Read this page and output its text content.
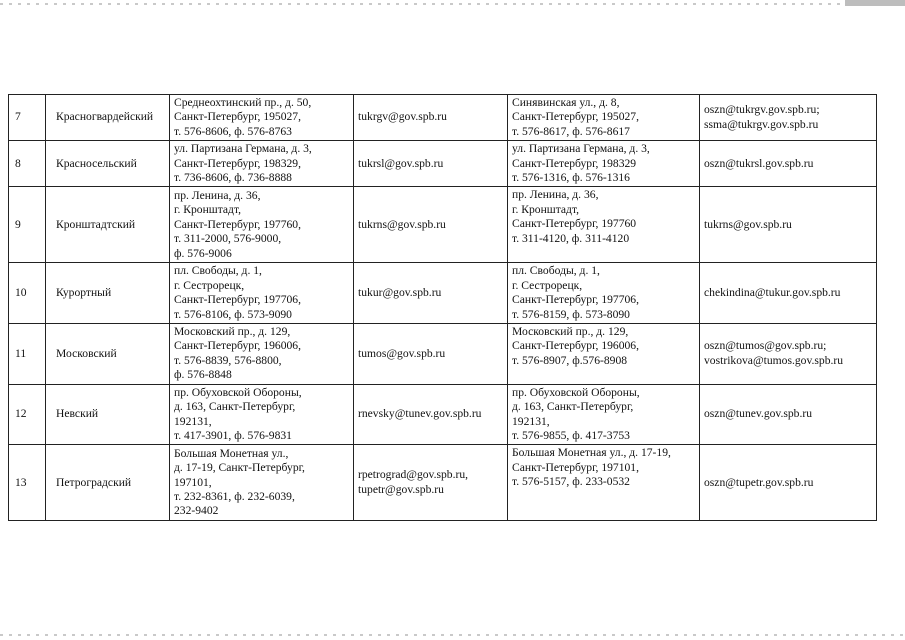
7	Красногвардейский	Среднеохтинский пр., д. 50,
Санкт-Петербург, 195027,
т. 576-8606, ф. 576-8763	tukrgv@gov.spb.ru	Синявинская ул., д. 8,
Санкт-Петербург, 195027,
т. 576-8617, ф. 576-8617	oszn@tukrgv.gov.spb.ru;
ssma@tukrgv.gov.spb.ru
8	Красносельский	ул. Партизана Германа, д. 3,
Санкт-Петербург, 198329,
т. 736-8606, ф. 736-8888	tukrsl@gov.spb.ru	ул. Партизана Германа, д. 3,
Санкт-Петербург, 198329
т. 576-1316, ф. 576-1316	oszn@tukrsl.gov.spb.ru
9	Кронштадтский	пр. Ленина, д. 36,
г. Кронштадт,
Санкт-Петербург, 197760,
т. 311-2000, 576-9000,
ф. 576-9006	tukrns@gov.spb.ru	пр. Ленина, д. 36,
г. Кронштадт,
Санкт-Петербург, 197760
т. 311-4120, ф. 311-4120	tukrns@gov.spb.ru
10	Курортный	пл. Свободы, д. 1,
г. Сестрорецк,
Санкт-Петербург, 197706,
т. 576-8106, ф. 573-9090	tukur@gov.spb.ru	пл. Свободы, д. 1,
г. Сестрорецк,
Санкт-Петербург, 197706,
т. 576-8159, ф. 573-8090	chekindina@tukur.gov.spb.ru
11	Московский	Московский пр., д. 129,
Санкт-Петербург, 196006,
т. 576-8839, 576-8800,
ф. 576-8848	tumos@gov.spb.ru	Московский пр., д. 129,
Санкт-Петербург, 196006,
т. 576-8907, ф.576-8908	oszn@tumos@gov.spb.ru;
vostrikova@tumos.gov.spb.ru
12	Невский	пр. Обуховской Обороны,
д. 163, Санкт-Петербург,
192131,
т. 417-3901, ф. 576-9831	rnevsky@tunev.gov.spb.ru	пр. Обуховской Обороны,
д. 163, Санкт-Петербург,
192131,
т. 576-9855, ф. 417-3753	oszn@tunev.gov.spb.ru
13	Петроградский	Большая Монетная ул.,
д. 17-19, Санкт-Петербург,
197101,
т. 232-8361, ф. 232-6039,
232-9402	rpetrograd@gov.spb.ru,
tupetr@gov.spb.ru	Большая Монетная ул., д. 17-19,
Санкт-Петербург, 197101,
т. 576-5157, ф. 233-0532	oszn@tupetr.gov.spb.ru
